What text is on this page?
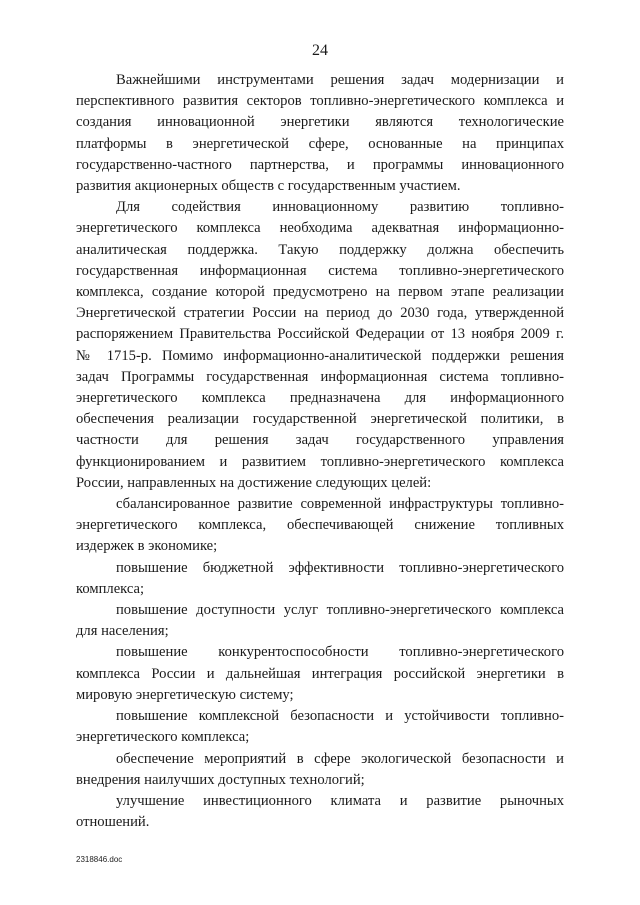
24

Важнейшими инструментами решения задач модернизации и
перспективного развития секторов топливно-энергетического комплекса и
создания инновационной энергетики являются технологические
платформы в энергетической сфере, основанные на принципах
государственно-частного партнерства, и программы инновационного
развития акционерных обществ с государственным участием.

Для содействия инновационному развитию топливно-
энергетического комплекса необходима адекватная информационно-
аналитическая поддержка. Такую поддержку должна обеспечить
государственная информационная система топливно-энергетического
комплекса, создание которой предусмотрено на первом этапе реализации
Энергетической стратегии России на период до 2030 года, утвержденной
распоряжением Правительства Российской Федерации от 13 ноября 2009 г.
№ 1715-р. Помимо информационно-аналитической поддержки решения
задач Программы государственная информационная система топливно-
энергетического комплекса предназначена для информационного
обеспечения реализации государственной энергетической политики, в
частности для решения задач государственного управления
функционированием и развитием топливно-энергетического комплекса
России, направленных на достижение следующих целей:

сбалансированное развитие современной инфраструктуры топливно-
энергетического комплекса, обеспечивающей снижение топливных
издержек в экономике;

повышение бюджетной эффективности топливно-энергетического
комплекса;

повышение доступности услуг топливно-энергетического комплекса
для населения;

повышение конкурентоспособности топливно-энергетического
комплекса России и дальнейшая интеграция российской энергетики в
мировую энергетическую систему;

повышение комплексной безопасности и устойчивости топливно-
энергетического комплекса;

обеспечение мероприятий в сфере экологической безопасности и
внедрения наилучших доступных технологий;

улучшение инвестиционного климата и развитие рыночных
отношений.

2318846.doc
